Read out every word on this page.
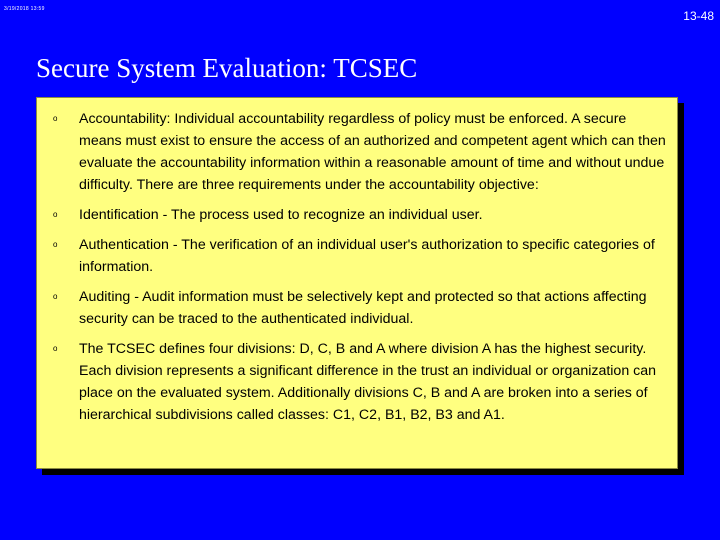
3/19/2018 13:59	13-48
Secure System Evaluation: TCSEC
o Accountability: Individual accountability regardless of policy must be enforced. A secure means must exist to ensure the access of an authorized and competent agent which can then evaluate the accountability information within a reasonable amount of time and without undue difficulty. There are three requirements under the accountability objective:
o Identification - The process used to recognize an individual user.
o Authentication - The verification of an individual user's authorization to specific categories of information.
o Auditing - Audit information must be selectively kept and protected so that actions affecting security can be traced to the authenticated individual.
o The TCSEC defines four divisions: D, C, B and A where division A has the highest security. Each division represents a significant difference in the trust an individual or organization can place on the evaluated system. Additionally divisions C, B and A are broken into a series of hierarchical subdivisions called classes: C1, C2, B1, B2, B3 and A1.
